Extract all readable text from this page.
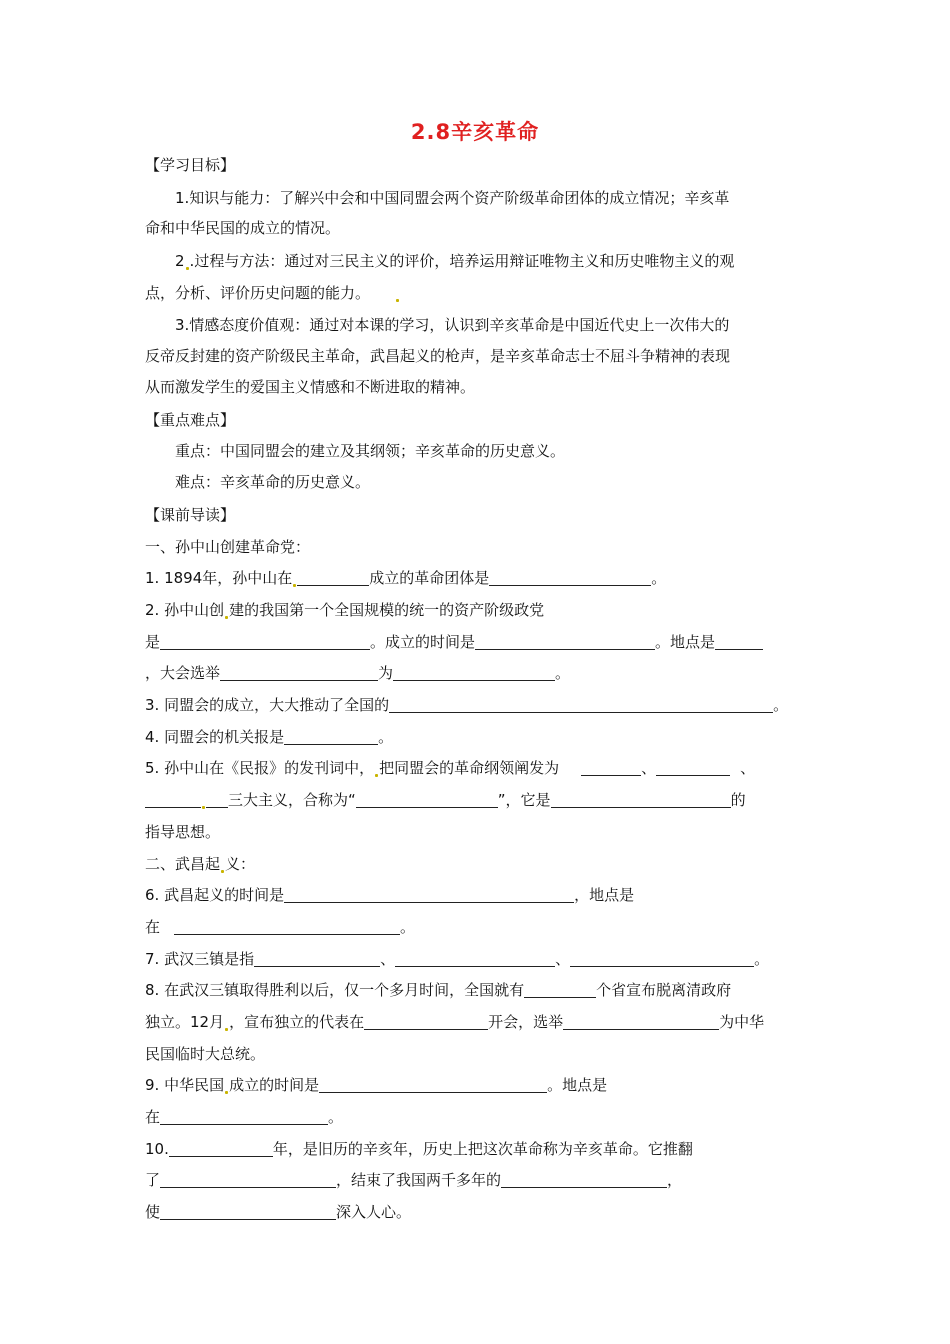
2.8辛亥革命
【学习目标】
1.知识与能力：了解兴中会和中国同盟会两个资产阶级革命团体的成立情况；辛亥革
命和中华民国的成立的情况。
2 .过程与方法：通过对三民主义的评价，培养运用辩证唯物主义和历史唯物主义的观
点，分析、评价历史问题的能力。
3.情感态度价值观：通过对本课的学习，认识到辛亥革命是中国近代史上一次伟大的
反帝反封建的资产阶级民主革命，武昌起义的枪声，是辛亥革命志士不屈斗争精神的表现
从而激发学生的爱国主义情感和不断进取的精神。
【重点难点】
重点：中国同盟会的建立及其纲领；辛亥革命的历史意义。
难点：辛亥革命的历史意义。
【课前导读】
一、孙中山创建革命党：
1. 1894年，孙中山在	成立的革命团体是	。
2. 孙中山创 建的我国第一个全国规模的统一的资产阶级政党
是	。成立的时间是	。地点是
，大会选举	为	。
3. 同盟会的成立，大大推动了全国的	。
4. 同盟会的机关报是	。
5. 孙中山在《民报》的发刊词中， 把同盟会的革命纲领阐发为	、	、
三大主义，合称为“	”，它是	的
指导思想。
二、武昌起 义：
6. 武昌起义的时间是	，地点是
在	。
7. 武汉三镇是指	、	、	。
8. 在武汉三镇取得胜利以后，仅一个多月时间，全国就有	个省宣布脱离清政府
独立。12月 ，宣布独立的代表在	开会，选举	为中华
民国临时大总统。
9. 中华民国 成立的时间是	。地点是
在	。
10.	年，是旧历的辛亥年，历史上把这次革命称为辛亥革命。它推翻
了	，结束了我国两千多年的	，
使	深入人心。
